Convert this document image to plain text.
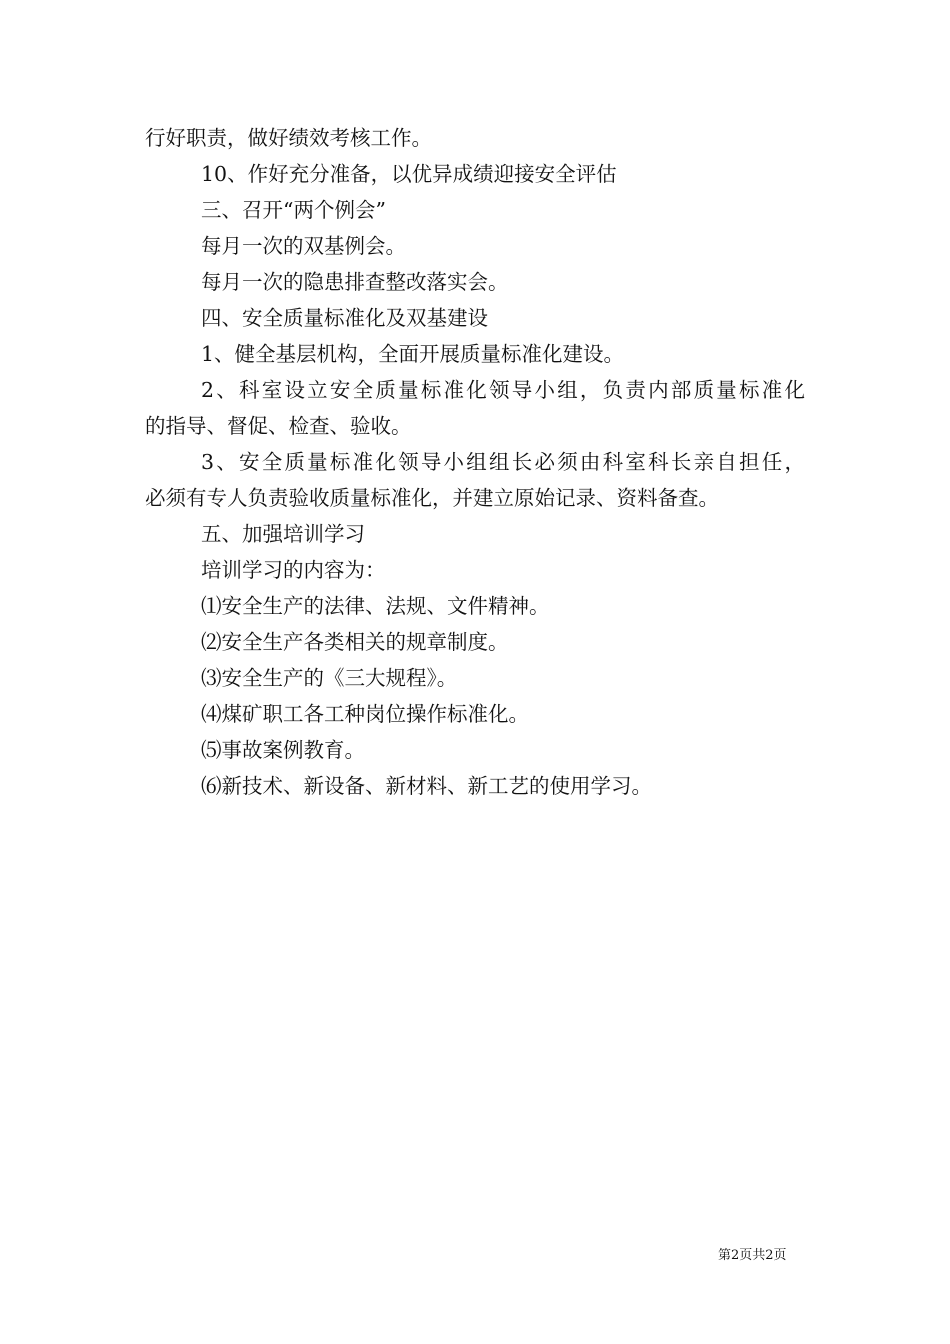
行好职责，做好绩效考核工作。
10、作好充分准备，以优异成绩迎接安全评估
三、召开“两个例会”
每月一次的双基例会。
每月一次的隐患排查整改落实会。
四、安全质量标准化及双基建设
1、健全基层机构，全面开展质量标准化建设。
2、科室设立安全质量标准化领导小组，负责内部质量标准化
的指导、督促、检查、验收。
3、安全质量标准化领导小组组长必须由科室科长亲自担任，
必须有专人负责验收质量标准化，并建立原始记录、资料备查。
五、加强培训学习
培训学习的内容为：
⑴安全生产的法律、法规、文件精神。
⑵安全生产各类相关的规章制度。
⑶安全生产的《三大规程》。
⑷煤矿职工各工种岗位操作标准化。
⑸事故案例教育。
⑹新技术、新设备、新材料、新工艺的使用学习。
第2页共2页
